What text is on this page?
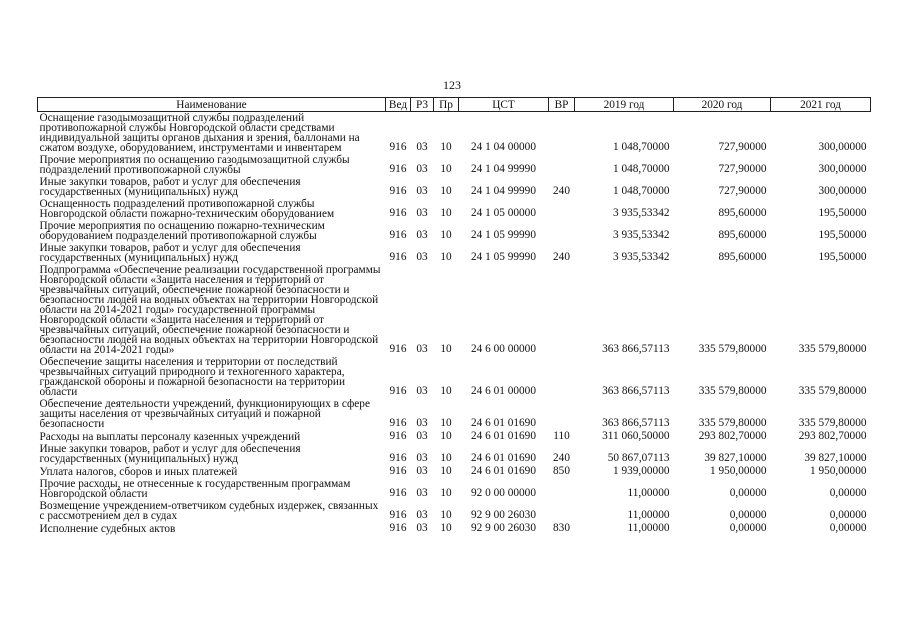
123
Наименование	Вед	Р3	Пр	ЦСТ	ВР	2019 год	2020 год	2021 год
Оснащение газодымозащитной службы подразделений противопожарной службы Новгородской области средствами индивидуальной защиты органов дыхания и зрения, баллонами на сжатом воздухе, оборудованием, инструментами и инвентарем	916	03	10	24 1 04 00000		1 048,70000	727,90000	300,00000
Прочие мероприятия по оснащению газодымозащитной службы подразделений противопожарной службы	916	03	10	24 1 04 99990		1 048,70000	727,90000	300,00000
Иные закупки товаров, работ и услуг для обеспечения государственных (муниципальных) нужд	916	03	10	24 1 04 99990	240	1 048,70000	727,90000	300,00000
Оснащенность подразделений противопожарной службы Новгородской области пожарно-техническим оборудованием	916	03	10	24 1 05 00000		3 935,53342	895,60000	195,50000
Прочие мероприятия по оснащению пожарно-техническим оборудованием подразделений противопожарной службы	916	03	10	24 1 05 99990		3 935,53342	895,60000	195,50000
Иные закупки товаров, работ и услуг для обеспечения государственных (муниципальных) нужд	916	03	10	24 1 05 99990	240	3 935,53342	895,60000	195,50000
Подпрограмма «Обеспечение реализации государственной программы Новгородской области «Защита населения и территорий от чрезвычайных ситуаций, обеспечение пожарной безопасности и безопасности людей на водных объектах на территории Новгородской области на 2014-2021 годы» государственной программы Новгородской области «Защита населения и территорий от чрезвычайных ситуаций, обеспечение пожарной безопасности и безопасности людей на водных объектах на территории Новгородской области на 2014-2021 годы»	916	03	10	24 6 00 00000		363 866,57113	335 579,80000	335 579,80000
Обеспечение защиты населения и территории от последствий чрезвычайных ситуаций природного и техногенного характера, гражданской обороны и пожарной безопасности на территории области	916	03	10	24 6 01 00000		363 866,57113	335 579,80000	335 579,80000
Обеспечение деятельности учреждений, функционирующих в сфере защиты населения от чрезвычайных ситуаций и пожарной безопасности	916	03	10	24 6 01 01690		363 866,57113	335 579,80000	335 579,80000
Расходы на выплаты персоналу казенных учреждений	916	03	10	24 6 01 01690	110	311 060,50000	293 802,70000	293 802,70000
Иные закупки товаров, работ и услуг для обеспечения государственных (муниципальных) нужд	916	03	10	24 6 01 01690	240	50 867,07113	39 827,10000	39 827,10000
Уплата налогов, сборов и иных платежей	916	03	10	24 6 01 01690	850	1 939,00000	1 950,00000	1 950,00000
Прочие расходы, не отнесенные к государственным программам Новгородской области	916	03	10	92 0 00 00000		11,00000	0,00000	0,00000
Возмещение учреждением-ответчиком судебных издержек, связанных с рассмотрением дел в судах	916	03	10	92 9 00 26030		11,00000	0,00000	0,00000
Исполнение судебных актов	916	03	10	92 9 00 26030	830	11,00000	0,00000	0,00000
